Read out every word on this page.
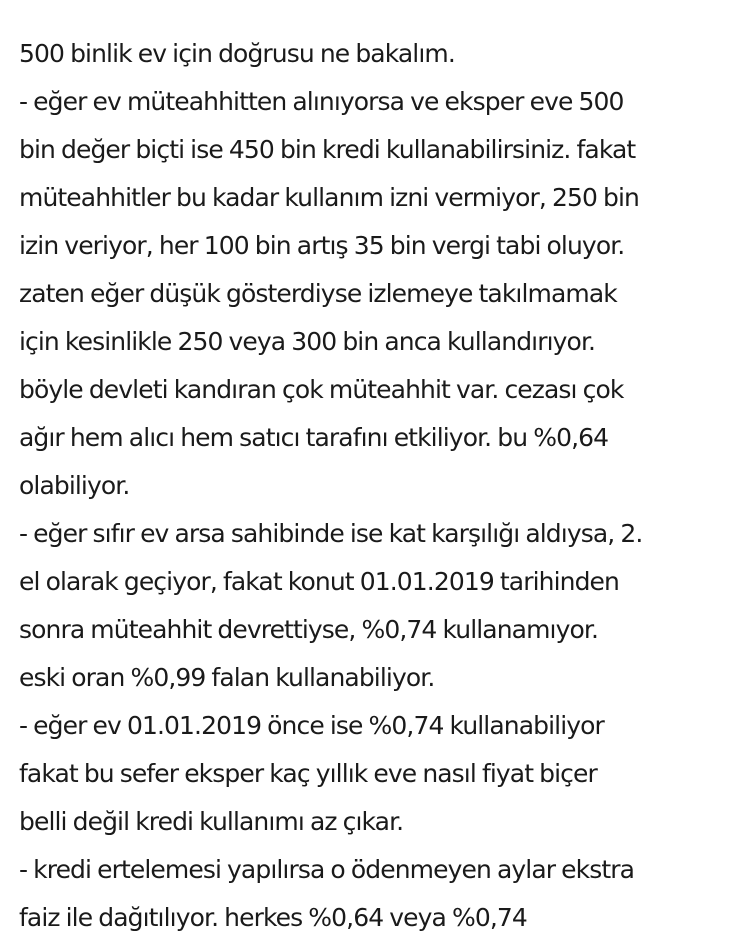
500 binlik ev için doğrusu ne bakalım.
- eğer ev müteahhitten alınıyorsa ve eksper eve 500
bin değer biçti ise 450 bin kredi kullanabilirsiniz. fakat
müteahhitler bu kadar kullanım izni vermiyor, 250 bin
izin veriyor, her 100 bin artış 35 bin vergi tabi oluyor.
zaten eğer düşük gösterdiyse izlemeye takılmamak
için kesinlikle 250 veya 300 bin anca kullandırıyor.
böyle devleti kandıran çok müteahhit var. cezası çok
ağır hem alıcı hem satıcı tarafını etkiliyor. bu %0,64
olabiliyor.
- eğer sıfır ev arsa sahibinde ise kat karşılığı aldıysa, 2.
el olarak geçiyor, fakat konut 01.01.2019 tarihinden
sonra müteahhit devrettiyse, %0,74 kullanamıyor.
eski oran %0,99 falan kullanabiliyor.
- eğer ev 01.01.2019 önce ise %0,74 kullanabiliyor
fakat bu sefer eksper kaç yıllık eve nasıl fiyat biçer
belli değil kredi kullanımı az çıkar.
- kredi ertelemesi yapılırsa o ödenmeyen aylar ekstra
faiz ile dağıtılıyor. herkes %0,64 veya %0,74
